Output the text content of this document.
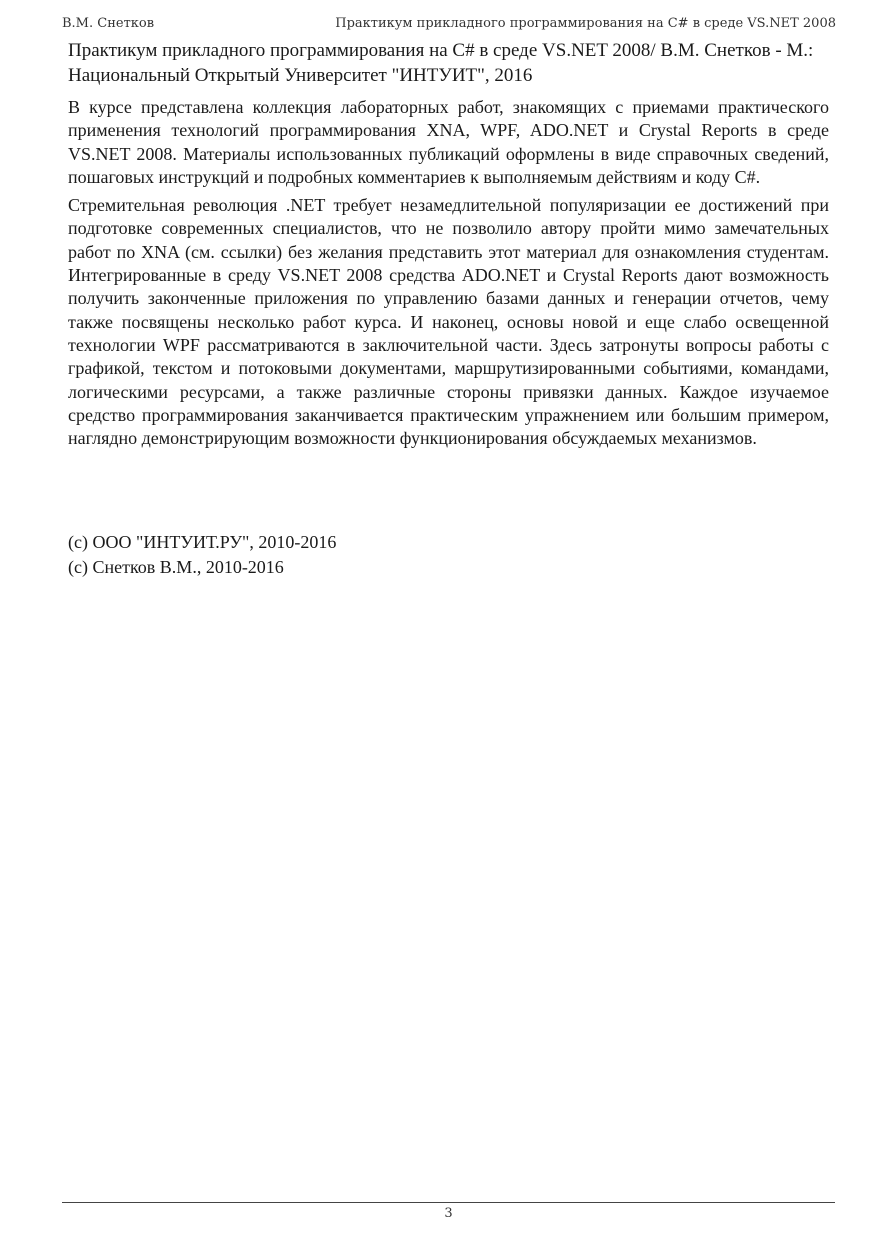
В.М. Снетков	Практикум прикладного программирования на C# в среде VS.NET 2008
Практикум прикладного программирования на C# в среде VS.NET 2008/ В.М. Снетков - М.: Национальный Открытый Университет "ИНТУИТ", 2016

В курсе представлена коллекция лабораторных работ, знакомящих с приемами практического применения технологий программирования XNA, WPF, ADO.NET и Crystal Reports в среде VS.NET 2008. Материалы использованных публикаций оформлены в виде справочных сведений, пошаговых инструкций и подробных комментариев к выполняемым действиям и коду C#.

Стремительная революция .NET требует незамедлительной популяризации ее достижений при подготовке современных специалистов, что не позволило автору пройти мимо замечательных работ по XNA (см. ссылки) без желания представить этот материал для ознакомления студентам. Интегрированные в среду VS.NET 2008 средства ADO.NET и Crystal Reports дают возможность получить законченные приложения по управлению базами данных и генерации отчетов, чему также посвящены несколько работ курса. И наконец, основы новой и еще слабо освещенной технологии WPF рассматриваются в заключительной части. Здесь затронуты вопросы работы с графикой, текстом и потоковыми документами, маршрутизированными событиями, командами, логическими ресурсами, а также различные стороны привязки данных. Каждое изучаемое средство программирования заканчивается практическим упражнением или большим примером, наглядно демонстрирующим возможности функционирования обсуждаемых механизмов.

(c) ООО "ИНТУИТ.РУ", 2010-2016
(c) Снетков В.М., 2010-2016
3
